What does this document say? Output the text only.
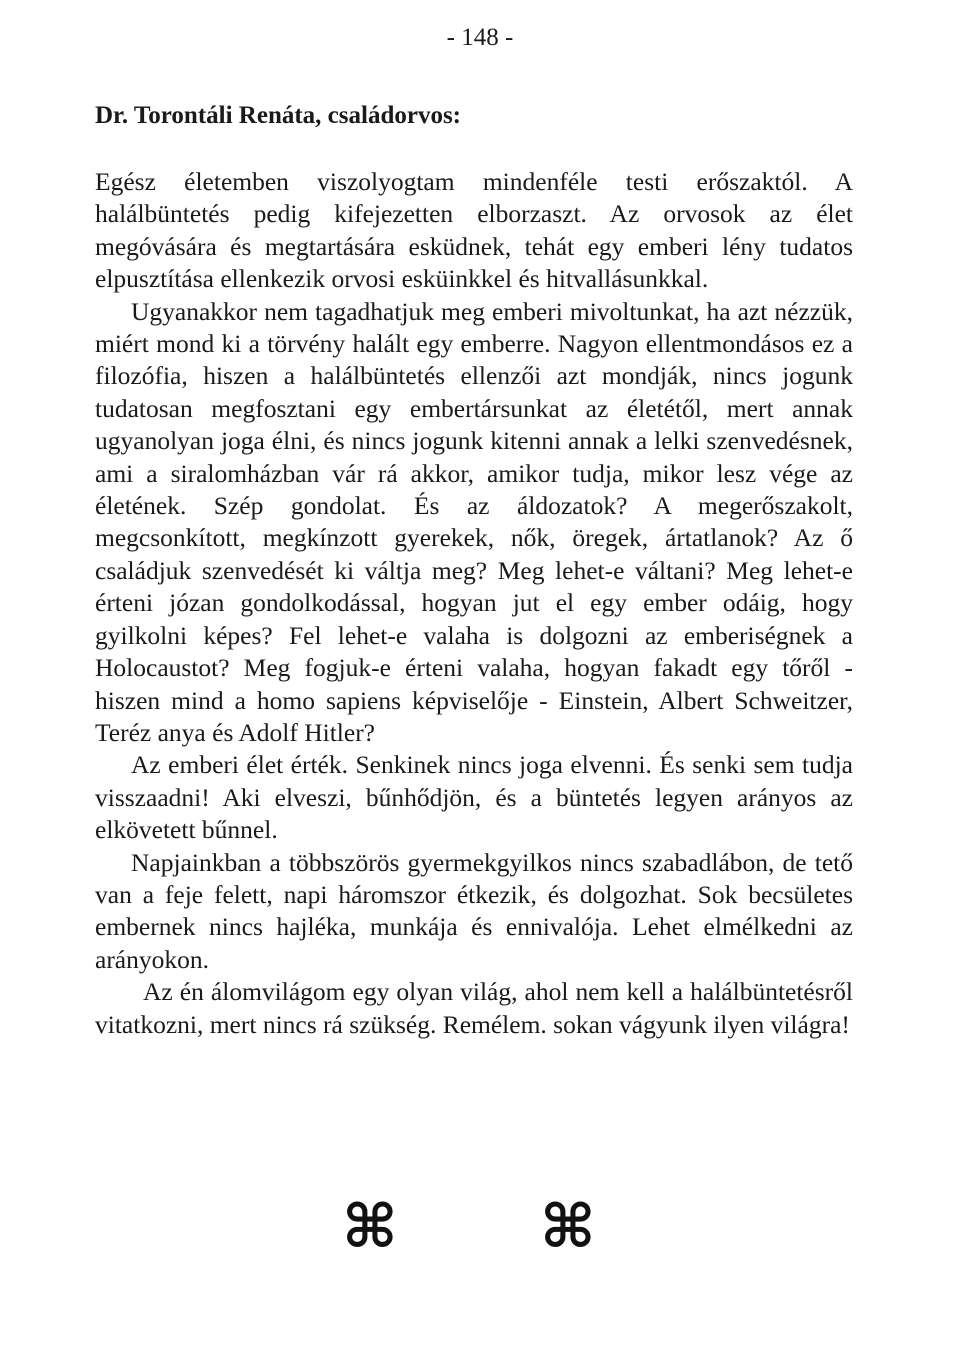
- 148 -
Dr. Torontáli Renáta, családorvos:

Egész életemben viszolyogtam mindenféle testi erőszaktól. A halálbüntetés pedig kifejezetten elborzaszt. Az orvosok az élet megóvására és megtartására esküdnek, tehát egy emberi lény tudatos elpusztítása ellenkezik orvosi esküinkkel és hitvallásunkkal.

Ugyanakkor nem tagadhatjuk meg emberi mivoltunkat, ha azt nézzük, miért mond ki a törvény halált egy emberre. Nagyon ellentmondásos ez a filozófia, hiszen a halálbüntetés ellenzői azt mondják, nincs jogunk tudatosan megfosztani egy embertársunkat az életétől, mert annak ugyanolyan joga élni, és nincs jogunk kitenni annak a lelki szenvedésnek, ami a siralomházban vár rá akkor, amikor tudja, mikor lesz vége az életének. Szép gondolat. És az áldozatok? A megerőszakolt, megcsonkított, megkínzott gyerekek, nők, öregek, ártatlanok? Az ő családjuk szenvedését ki váltja meg? Meg lehet-e váltani? Meg lehet-e érteni józan gondolkodással, hogyan jut el egy ember odáig, hogy gyilkolni képes? Fel lehet-e valaha is dolgozni az emberiségnek a Holocaustot? Meg fogjuk-e érteni valaha, hogyan fakadt egy tőről - hiszen mind a homo sapiens képviselője - Einstein, Albert Schweitzer, Teréz anya és Adolf Hitler?

Az emberi élet érték. Senkinek nincs joga elvenni. És senki sem tudja visszaadni! Aki elveszi, bűnhődjön, és a büntetés legyen arányos az elkövetett bűnnel.

Napjainkban a többszörös gyermekgyilkos nincs szabadlábon, de tető van a feje felett, napi háromszor étkezik, és dolgozhat. Sok becsületes embernek nincs hajléka, munkája és ennivalója. Lehet elmélkedni az arányokon.

Az én álomvilágom egy olyan világ, ahol nem kell a halálbüntetésről vitatkozni, mert nincs rá szükség. Remélem. sokan vágyunk ilyen világra!

⌘ ⌘
